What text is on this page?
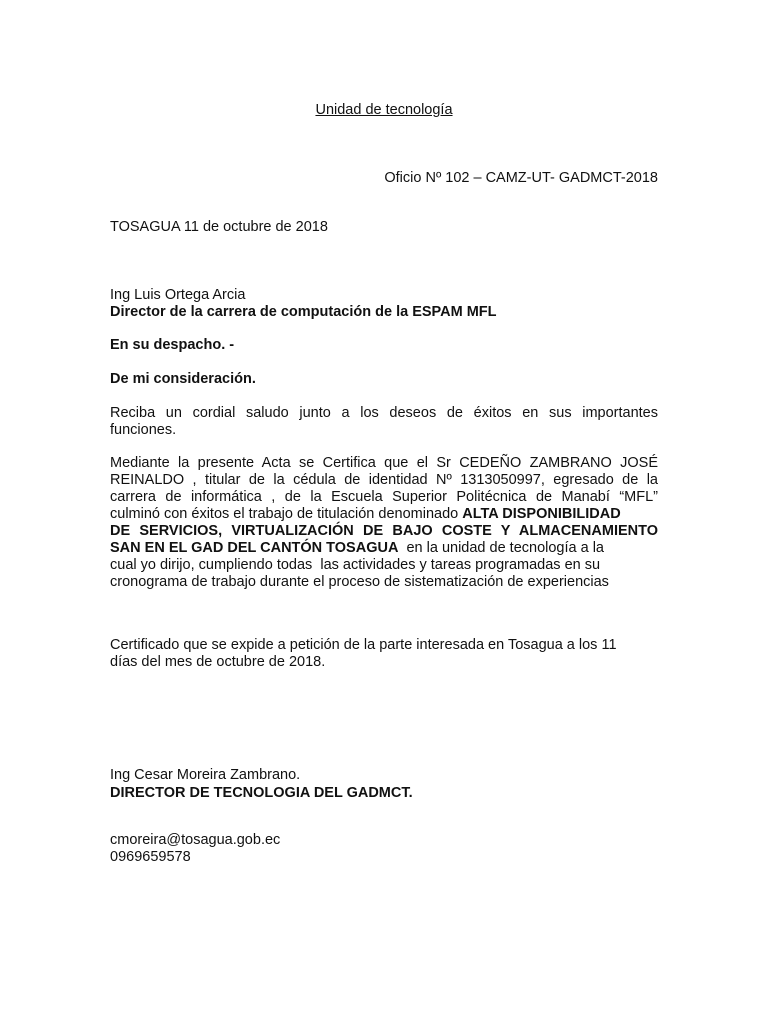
Unidad de tecnología
Oficio Nº 102 – CAMZ-UT- GADMCT-2018
TOSAGUA 11 de octubre de 2018
Ing Luis Ortega Arcia
Director de la carrera de computación de la ESPAM MFL
En su despacho. -
De mi consideración.
Reciba un cordial saludo junto a los deseos de éxitos en sus importantes
funciones.
Mediante la presente Acta se Certifica que el Sr CEDEÑO ZAMBRANO JOSÉ
REINALDO , titular de la cédula de identidad Nº 1313050997, egresado de la
carrera de informática , de la Escuela Superior Politécnica de Manabí “MFL”
culminó con éxitos el trabajo de titulación denominado ALTA DISPONIBILIDAD
DE SERVICIOS, VIRTUALIZACIÓN DE BAJO COSTE Y ALMACENAMIENTO
SAN EN EL GAD DEL CANTÓN TOSAGUA  en la unidad de tecnología a la
cual yo dirijo, cumpliendo todas  las actividades y tareas programadas en su
cronograma de trabajo durante el proceso de sistematización de experiencias
Certificado que se expide a petición de la parte interesada en Tosagua a los 11
días del mes de octubre de 2018.
Ing Cesar Moreira Zambrano.
DIRECTOR DE TECNOLOGIA DEL GADMCT.
cmoreira@tosagua.gob.ec
0969659578
